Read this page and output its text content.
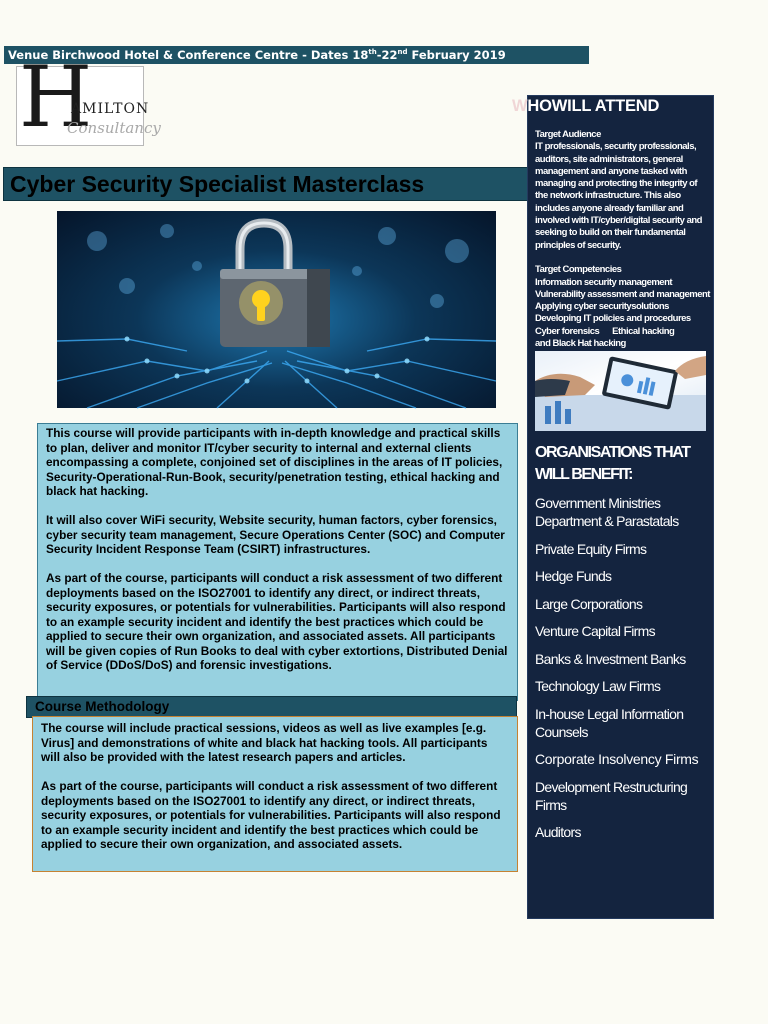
Venue Birchwood Hotel & Conference Centre - Dates 18th-22nd February 2019
H
AMILTON
Consultancy
Cyber Security Specialist Masterclass

This course will provide participants with in-depth knowledge and practical skills to plan, deliver and monitor IT/cyber security to internal and external clients encompassing a complete, conjoined set of disciplines in the areas of IT policies, Security-Operational-Run-Book, security/penetration testing, ethical hacking and black hat hacking.

It will also cover WiFi security, Website security, human factors, cyber forensics, cyber security team management, Secure Operations Center (SOC) and Computer Security Incident Response Team (CSIRT) infrastructures.

As part of the course, participants will conduct a risk assessment of two different deployments based on the ISO27001 to identify any direct, or indirect threats, security exposures, or potentials for vulnerabilities. Participants will also respond to an example security incident and identify the best practices which could be applied to secure their own organization, and associated assets. All participants will be given copies of Run Books to deal with cyber extortions, Distributed Denial of Service (DDoS/DoS) and forensic investigations.

Course Methodology

The course will include practical sessions, videos as well as live examples [e.g. Virus] and demonstrations of white and black hat hacking tools. All participants will also be provided with the latest research papers and articles.

As part of the course, participants will conduct a risk assessment of two different deployments based on the ISO27001 to identify any direct, or indirect threats, security exposures, or potentials for vulnerabilities. Participants will also respond to an example security incident and identify the best practices which could be applied to secure their own organization, and associated assets.

WHOWILL ATTEND

Target Audience
IT professionals, security professionals, auditors, site administrators, general management and anyone tasked with managing and protecting the integrity of the network infrastructure. This also includes anyone already familiar and involved with IT/cyber/digital security and seeking to build on their fundamental principles of security.

Target Competencies
Information security management
Vulnerability assessment and management
Applying cyber securitysolutions
Developing IT policies and procedures
Cyber forensics      Ethical hacking
and Black Hat hacking

ORGANISATIONS THAT WILL BENEFIT:
Government Ministries Department & Parastatals
Private Equity Firms
Hedge Funds
Large Corporations
Venture Capital Firms
Banks & Investment Banks
Technology Law Firms
In-house Legal Information Counsels
Corporate Insolvency Firms
Development Restructuring Firms
Auditors
